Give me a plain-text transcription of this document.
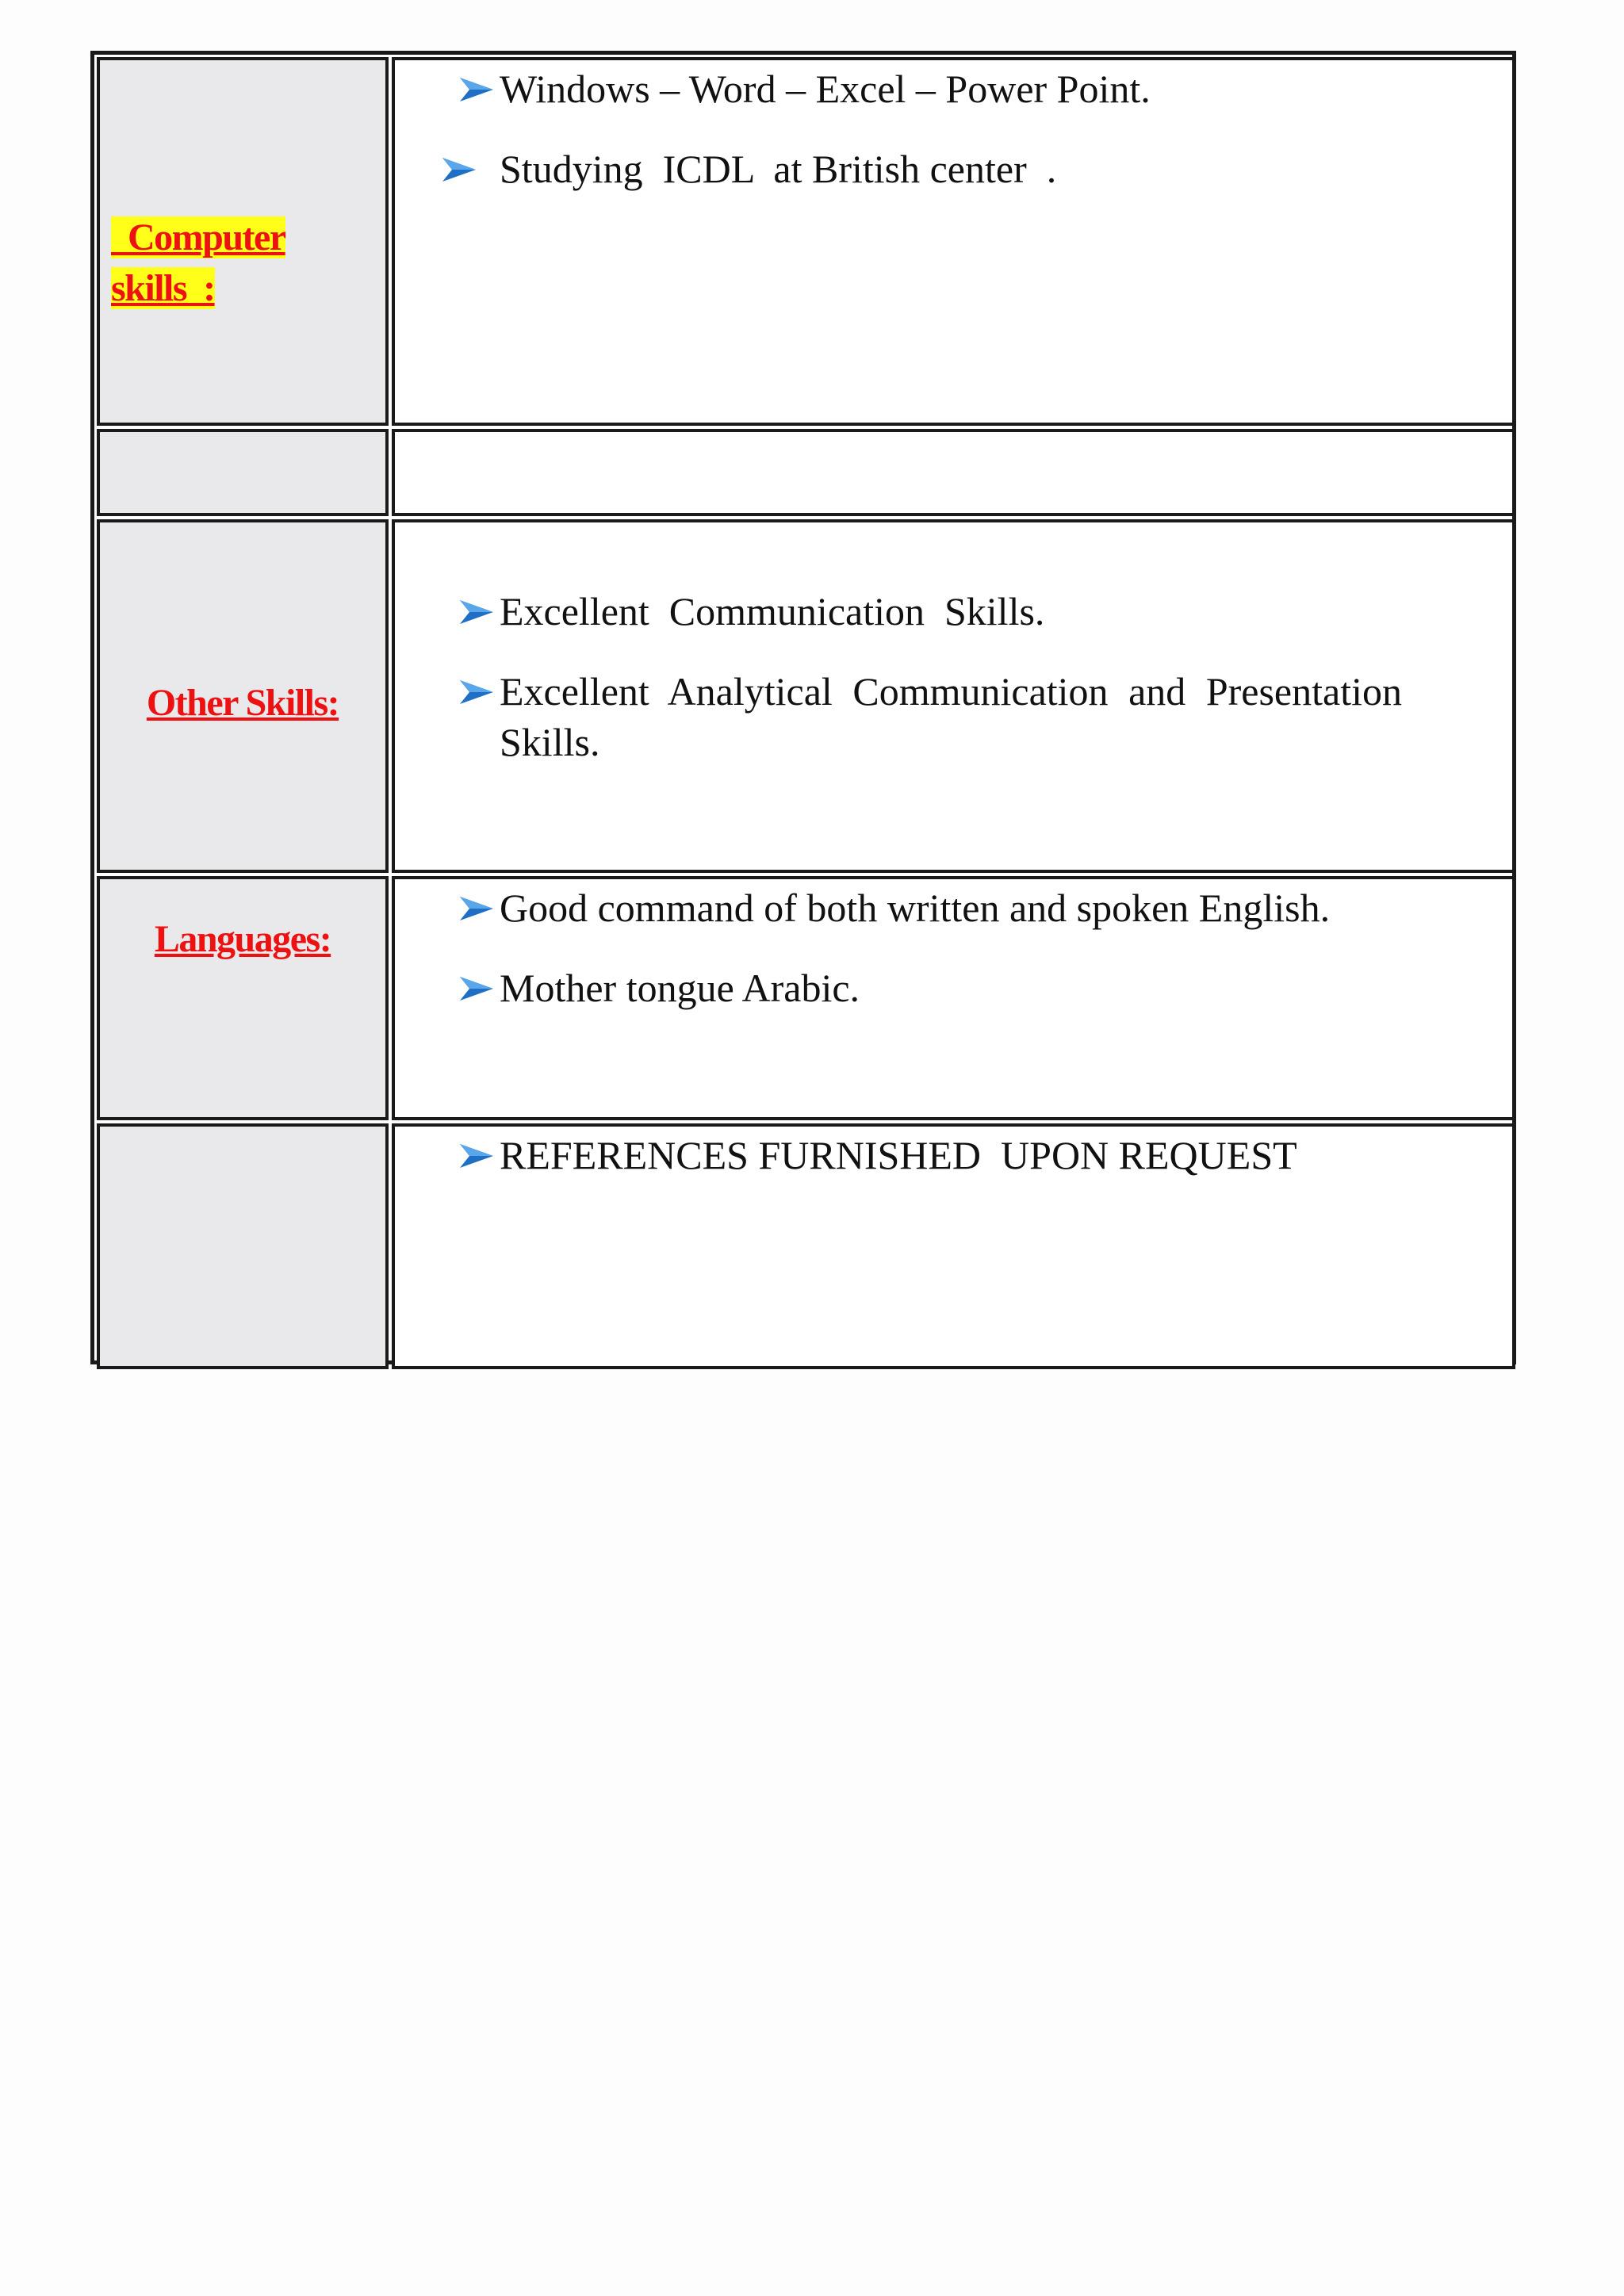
Computer
skills  :
Windows – Word – Excel – Power Point.
Studying  ICDL  at British center  .
Other Skills:
Excellent  Communication  Skills.
Excellent Analytical Communication and Presentation Skills.
Languages:
Good command of both written and spoken English.
Mother tongue Arabic.
REFERENCES FURNISHED  UPON REQUEST
